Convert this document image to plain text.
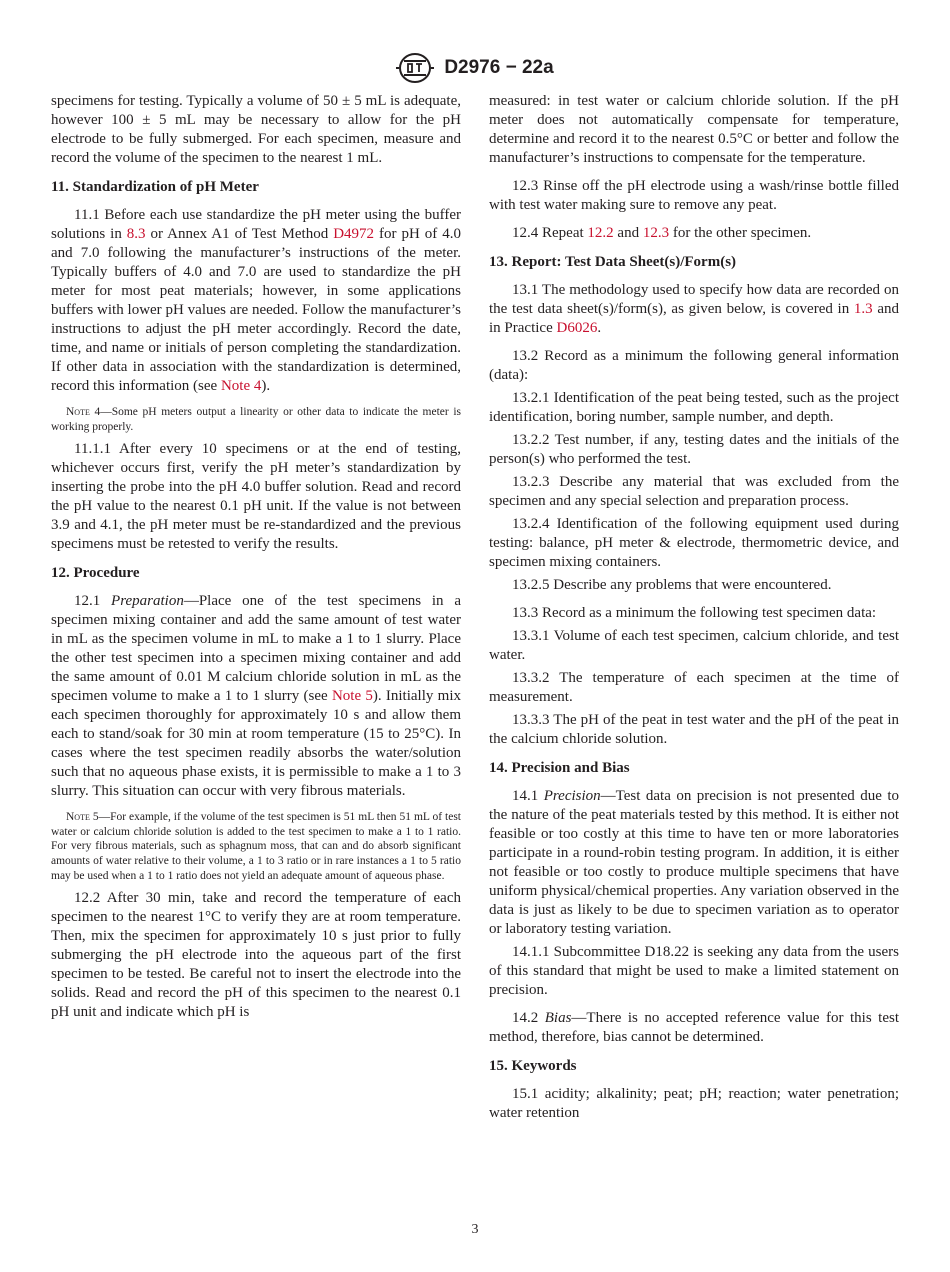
D2976 − 22a

specimens for testing. Typically a volume of 50 ± 5 mL is adequate, however 100 ± 5 mL may be necessary to allow for the pH electrode to be fully submerged. For each specimen, measure and record the volume of the specimen to the nearest 1 mL.

11. Standardization of pH Meter

11.1 Before each use standardize the pH meter using the buffer solutions in 8.3 or Annex A1 of Test Method D4972 for pH of 4.0 and 7.0 following the manufacturer’s instructions of the meter. Typically buffers of 4.0 and 7.0 are used to standardize the pH meter for most peat materials; however, in some applications buffers with lower pH values are needed. Follow the manufacturer’s instructions to adjust the pH meter accordingly. Record the date, time, and name or initials of person completing the standardization. If other data in association with the standardization is determined, record this information (see Note 4).

Note 4—Some pH meters output a linearity or other data to indicate the meter is working properly.

11.1.1 After every 10 specimens or at the end of testing, whichever occurs first, verify the pH meter’s standardization by inserting the probe into the pH 4.0 buffer solution. Read and record the pH value to the nearest 0.1 pH unit. If the value is not between 3.9 and 4.1, the pH meter must be re-standardized and the previous specimens must be retested to verify the results.

12. Procedure

12.1 Preparation—Place one of the test specimens in a specimen mixing container and add the same amount of test water in mL as the specimen volume in mL to make a 1 to 1 slurry. Place the other test specimen into a specimen mixing container and add the same amount of 0.01 M calcium chloride solution in mL as the specimen volume to make a 1 to 1 slurry (see Note 5). Initially mix each specimen thoroughly for approximately 10 s and allow them each to stand/soak for 30 min at room temperature (15 to 25°C). In cases where the test specimen readily absorbs the water/solution such that no aqueous phase exists, it is permissible to make a 1 to 3 slurry. This situation can occur with very fibrous materials.

Note 5—For example, if the volume of the test specimen is 51 mL then 51 mL of test water or calcium chloride solution is added to the test specimen to make a 1 to 1 ratio. For very fibrous materials, such as sphagnum moss, that can and do absorb significant amounts of water relative to their volume, a 1 to 3 ratio or in rare instances a 1 to 5 ratio may be used when a 1 to 1 ratio does not yield an adequate amount of aqueous phase.

12.2 After 30 min, take and record the temperature of each specimen to the nearest 1°C to verify they are at room temperature. Then, mix the specimen for approximately 10 s just prior to fully submerging the pH electrode into the aqueous part of the first specimen to be tested. Be careful not to insert the electrode into the solids. Read and record the pH of this specimen to the nearest 0.1 pH unit and indicate which pH is

measured: in test water or calcium chloride solution. If the pH meter does not automatically compensate for temperature, determine and record it to the nearest 0.5°C or better and follow the manufacturer’s instructions to compensate for the temperature.

12.3 Rinse off the pH electrode using a wash/rinse bottle filled with test water making sure to remove any peat.

12.4 Repeat 12.2 and 12.3 for the other specimen.

13. Report: Test Data Sheet(s)/Form(s)

13.1 The methodology used to specify how data are recorded on the test data sheet(s)/form(s), as given below, is covered in 1.3 and in Practice D6026.

13.2 Record as a minimum the following general information (data):

13.2.1 Identification of the peat being tested, such as the project identification, boring number, sample number, and depth.

13.2.2 Test number, if any, testing dates and the initials of the person(s) who performed the test.

13.2.3 Describe any material that was excluded from the specimen and any special selection and preparation process.

13.2.4 Identification of the following equipment used during testing: balance, pH meter & electrode, thermometric device, and specimen mixing containers.

13.2.5 Describe any problems that were encountered.

13.3 Record as a minimum the following test specimen data:

13.3.1 Volume of each test specimen, calcium chloride, and test water.

13.3.2 The temperature of each specimen at the time of measurement.

13.3.3 The pH of the peat in test water and the pH of the peat in the calcium chloride solution.

14. Precision and Bias

14.1 Precision—Test data on precision is not presented due to the nature of the peat materials tested by this method. It is either not feasible or too costly at this time to have ten or more laboratories participate in a round-robin testing program. In addition, it is either not feasible or too costly to produce multiple specimens that have uniform physical/chemical properties. Any variation observed in the data is just as likely to be due to specimen variation as to operator or laboratory testing variation.

14.1.1 Subcommittee D18.22 is seeking any data from the users of this standard that might be used to make a limited statement on precision.

14.2 Bias—There is no accepted reference value for this test method, therefore, bias cannot be determined.

15. Keywords

15.1 acidity; alkalinity; peat; pH; reaction; water penetration; water retention

3
